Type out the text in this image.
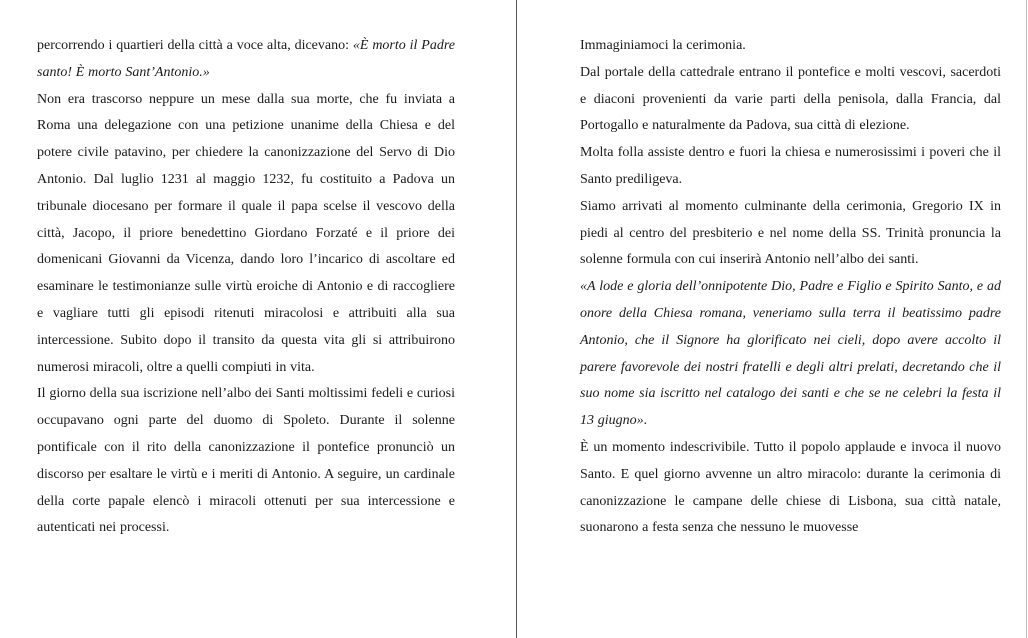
percorrendo i quartieri della città a voce alta, dicevano: «È morto il Padre santo! È morto Sant’Antonio.»

Non era trascorso neppure un mese dalla sua morte, che fu inviata a Roma una delegazione con una petizione unanime della Chiesa e del potere civile patavino, per chiedere la canonizzazione del Servo di Dio Antonio. Dal luglio 1231 al maggio 1232, fu costituito a Padova un tribunale diocesano per formare il quale il papa scelse il vescovo della città, Jacopo, il priore benedettino Giordano Forzaté e il priore dei domenicani Giovanni da Vicenza, dando loro l’incarico di ascoltare ed esaminare le testimonianze sulle virtù eroiche di Antonio e di raccogliere e vagliare tutti gli episodi ritenuti miracolosi e attribuiti alla sua intercessione. Subito dopo il transito da questa vita gli si attribuirono numerosi miracoli, oltre a quelli compiuti in vita.

Il giorno della sua iscrizione nell’albo dei Santi moltissimi fedeli e curiosi occupavano ogni parte del duomo di Spoleto. Durante il solenne pontificale con il rito della canonizzazione il pontefice pronunciò un discorso per esaltare le virtù e i meriti di Antonio. A seguire, un cardinale della corte papale elencò i miracoli ottenuti per sua intercessione e autenticati nei processi.

Immaginiamoci la cerimonia.

Dal portale della cattedrale entrano il pontefice e molti vescovi, sacerdoti e diaconi provenienti da varie parti della penisola, dalla Francia, dal Portogallo e naturalmente da Padova, sua città di elezione.

Molta folla assiste dentro e fuori la chiesa e numerosissimi i poveri che il Santo prediligeva.

Siamo arrivati al momento culminante della cerimonia, Gregorio IX in piedi al centro del presbiterio e nel nome della SS. Trinità pronuncia la solenne formula con cui inserirà Antonio nell’albo dei santi.

«A lode e gloria dell’onnipotente Dio, Padre e Figlio e Spirito Santo, e ad onore della Chiesa romana, veneriamo sulla terra il beatissimo padre Antonio, che il Signore ha glorificato nei cieli, dopo avere accolto il parere favorevole dei nostri fratelli e degli altri prelati, decretando che il suo nome sia iscritto nel catalogo dei santi e che se ne celebri la festa il 13 giugno».

È un momento indescrivibile. Tutto il popolo applaude e invoca il nuovo Santo. E quel giorno avvenne un altro miracolo: durante la cerimonia di canonizzazione le campane delle chiese di Lisbona, sua città natale, suonarono a festa senza che nessuno le muovesse
